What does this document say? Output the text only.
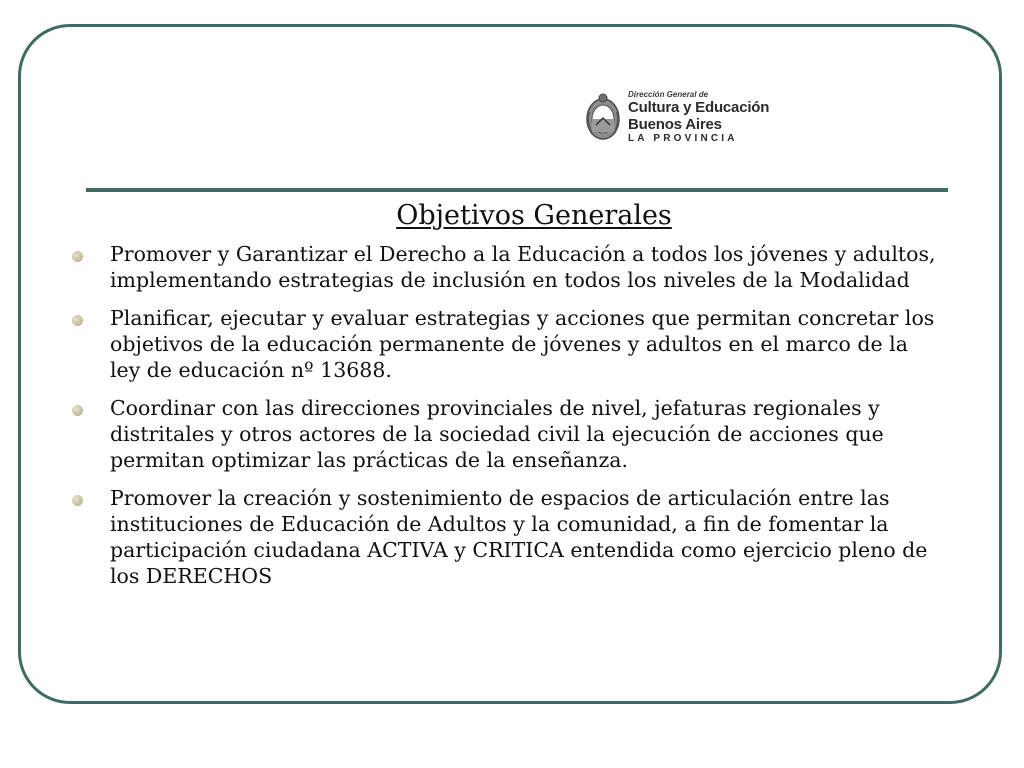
Dirección General de
Cultura y Educación
Buenos Aires
LA PROVINCIA
Objetivos Generales
Promover y Garantizar el Derecho a la Educación a todos los jóvenes y adultos, implementando estrategias de inclusión en todos los niveles de la Modalidad
Planificar, ejecutar y evaluar estrategias y acciones que permitan concretar los objetivos de la educación permanente de jóvenes y adultos en el marco de la ley de educación nº 13688.
Coordinar con las direcciones provinciales de nivel, jefaturas regionales y distritales y otros actores de la sociedad civil la ejecución de acciones que permitan optimizar las prácticas de la enseñanza.
Promover la creación y sostenimiento de espacios de articulación entre las instituciones de Educación de Adultos y la comunidad, a fin de fomentar la participación ciudadana ACTIVA y CRITICA entendida como ejercicio pleno de los DERECHOS
